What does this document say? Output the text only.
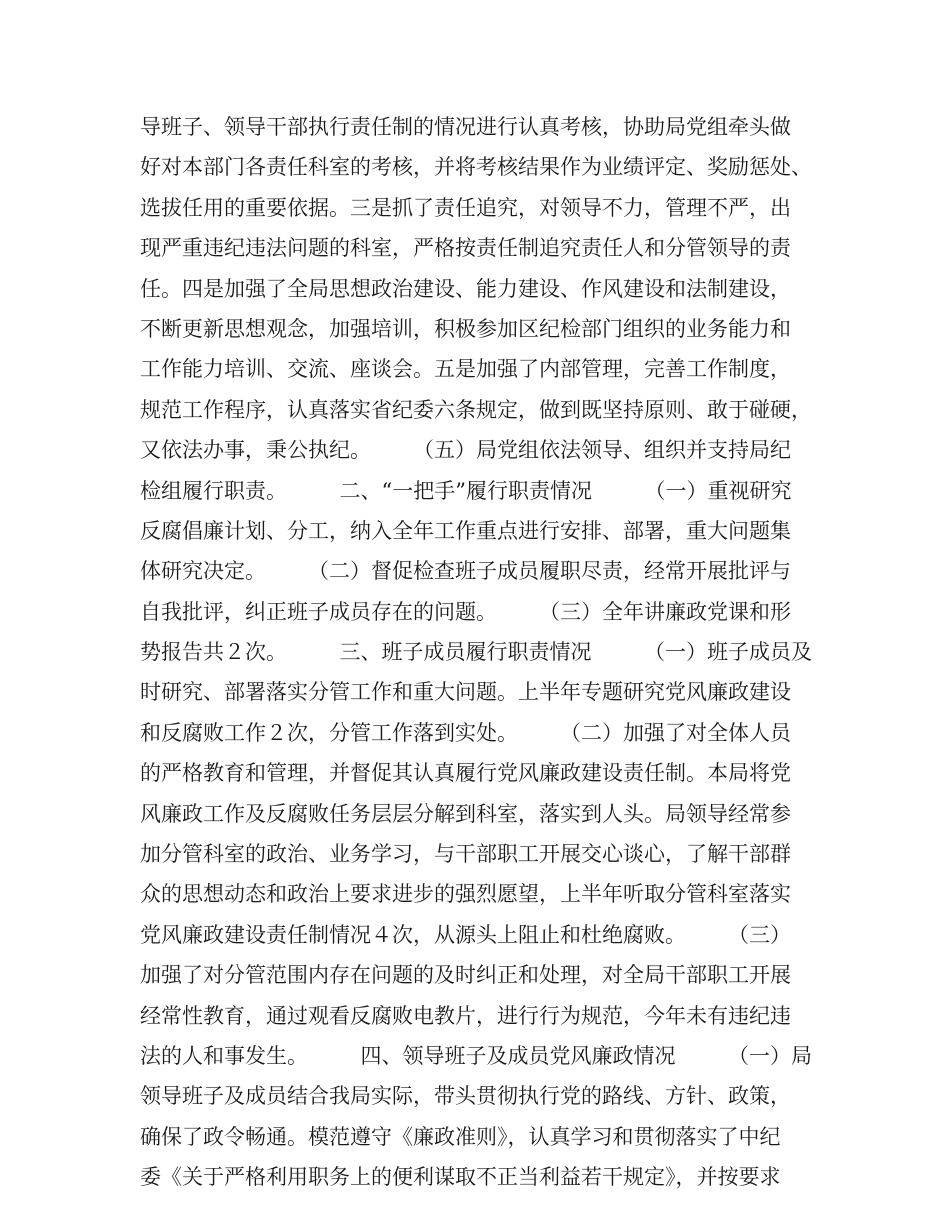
导班子、领导干部执行责任制的情况进行认真考核，协助局党组牵头做
好对本部门各责任科室的考核，并将考核结果作为业绩评定、奖励惩处、
选拔任用的重要依据。三是抓了责任追究，对领导不力，管理不严，出
现严重违纪违法问题的科室，严格按责任制追究责任人和分管领导的责
任。四是加强了全局思想政治建设、能力建设、作风建设和法制建设，
不断更新思想观念，加强培训，积极参加区纪检部门组织的业务能力和
工作能力培训、交流、座谈会。五是加强了内部管理，完善工作制度，
规范工作程序，认真落实省纪委六条规定，做到既坚持原则、敢于碰硬，
又依法办事，秉公执纪。　　　（五）局党组依法领导、组织并支持局纪
检组履行职责。　　　二、“一把手”履行职责情况　　　（一）重视研究
反腐倡廉计划、分工，纳入全年工作重点进行安排、部署，重大问题集
体研究决定。　　　（二）督促检查班子成员履职尽责，经常开展批评与
自我批评，纠正班子成员存在的问题。　　　（三）全年讲廉政党课和形
势报告共２次。　　　三、班子成员履行职责情况　　　（一）班子成员及
时研究、部署落实分管工作和重大问题。上半年专题研究党风廉政建设
和反腐败工作２次，分管工作落到实处。　　　（二）加强了对全体人员
的严格教育和管理，并督促其认真履行党风廉政建设责任制。本局将党
风廉政工作及反腐败任务层层分解到科室，落实到人头。局领导经常参
加分管科室的政治、业务学习，与干部职工开展交心谈心，了解干部群
众的思想动态和政治上要求进步的强烈愿望，上半年听取分管科室落实
党风廉政建设责任制情况４次，从源头上阻止和杜绝腐败。　　　（三）
加强了对分管范围内存在问题的及时纠正和处理，对全局干部职工开展
经常性教育，通过观看反腐败电教片，进行行为规范，今年未有违纪违
法的人和事发生。　　　四、领导班子及成员党风廉政情况　　　（一）局
领导班子及成员结合我局实际，带头贯彻执行党的路线、方针、政策，
确保了政令畅通。模范遵守《廉政准则》，认真学习和贯彻落实了中纪
委《关于严格利用职务上的便利谋取不正当利益若干规定》，并按要求
